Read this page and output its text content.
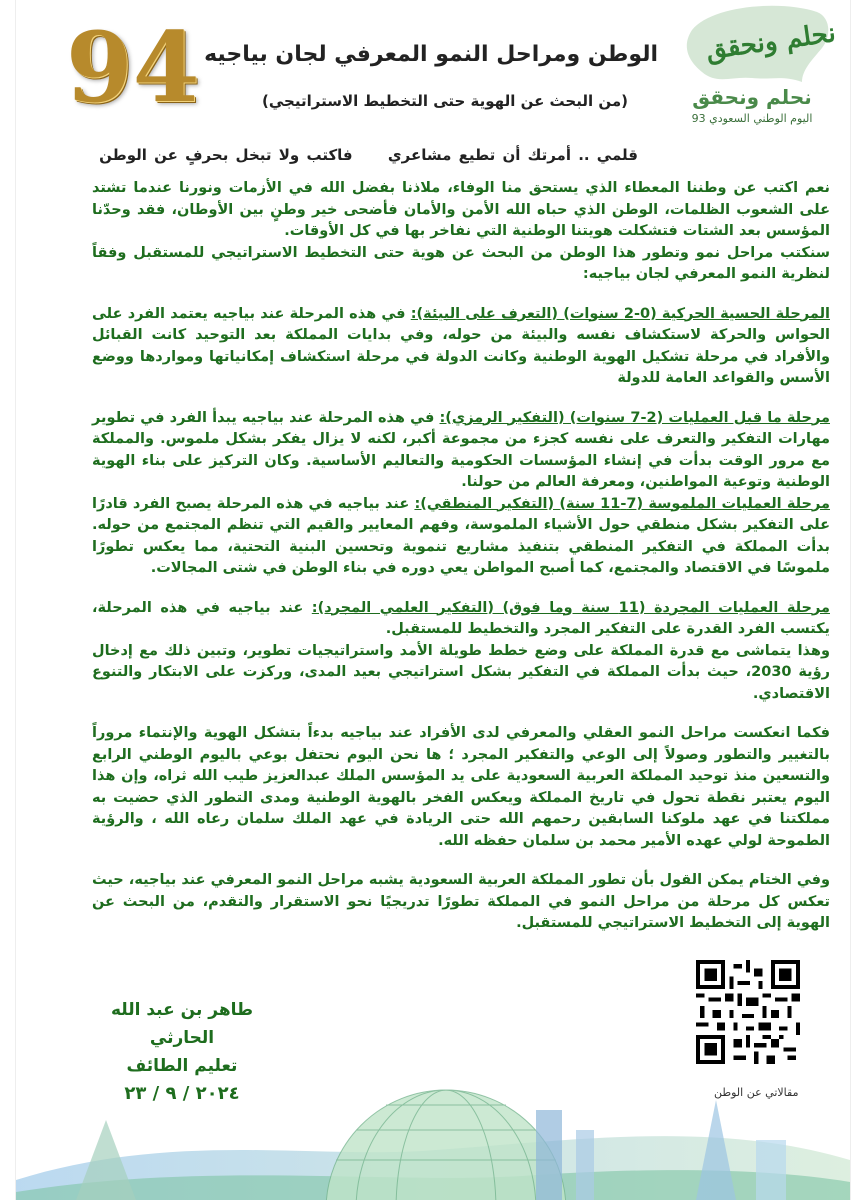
نحلم ونحقق
نحلم ونحقق
اليوم الوطني السعودي 93
94 الوطن ومراحل النمو المعرفي لجان بياجيه
(من البحث عن الهوية حتى التخطيط الاستراتيجي)
قلمي .. أمرتك أن تطيع مشاعري فاكتب ولا تبخل بحرفٍ عن الوطن

نعم اكتب عن وطننا المعطاء الذي يستحق منا الوفاء، ملاذنا بفضل الله في الأزمات ونورنا عندما تشتد على الشعوب الظلمات، الوطن الذي حباه الله الأمن والأمان فأضحى خير وطنٍ بين الأوطان، فقد وحدّنا المؤسس بعد الشتات فتشكلت هويتنا الوطنية التي نفاخر بها في كل الأوقات.

سنكتب مراحل نمو وتطور هذا الوطن من البحث عن هوية حتى التخطيط الاستراتيجي للمستقبل وفقاً لنظرية النمو المعرفي لجان بياجيه:

المرحلة الحسية الحركية (0-2 سنوات) (التعرف على البيئة): في هذه المرحلة عند بياجيه يعتمد الفرد على الحواس والحركة لاستكشاف نفسه والبيئة من حوله، وفي بدايات المملكة بعد التوحيد كانت القبائل والأفراد في مرحلة تشكيل الهوية الوطنية وكانت الدولة في مرحلة استكشاف إمكانياتها ومواردها ووضع الأسس والقواعد العامة للدولة

مرحلة ما قبل العمليات (2-7 سنوات) (التفكير الرمزي): في هذه المرحلة عند بياجيه يبدأ الفرد في تطوير مهارات التفكير والتعرف على نفسه كجزء من مجموعة أكبر، لكنه لا يزال يفكر بشكل ملموس. والمملكة مع مرور الوقت بدأت في إنشاء المؤسسات الحكومية والتعاليم الأساسية. وكان التركيز على بناء الهوية الوطنية وتوعية المواطنين، ومعرفة العالم من حولنا.

مرحلة العمليات الملموسة (7-11 سنة) (التفكير المنطقي): عند بياجيه في هذه المرحلة يصبح الفرد قادرًا على التفكير بشكل منطقي حول الأشياء الملموسة، وفهم المعايير والقيم التي تنظم المجتمع من حوله. بدأت المملكة في التفكير المنطقي بتنفيذ مشاريع تنموية وتحسين البنية التحتية، مما يعكس تطورًا ملموسًا في الاقتصاد والمجتمع، كما أصبح المواطن يعي دوره في بناء الوطن في شتى المجالات.

مرحلة العمليات المجردة (11 سنة وما فوق) (التفكير العلمي المجرد): عند بياجيه في هذه المرحلة، يكتسب الفرد القدرة على التفكير المجرد والتخطيط للمستقبل.

وهذا يتماشى مع قدرة المملكة على وضع خطط طويلة الأمد واستراتيجيات تطوير، وتبين ذلك مع إدخال رؤية 2030، حيث بدأت المملكة في التفكير بشكل استراتيجي بعيد المدى، وركزت على الابتكار والتنوع الاقتصادي.

فكما انعكست مراحل النمو العقلي والمعرفي لدى الأفراد عند بياجيه بدءاً بتشكل الهوية والإنتماء مروراً بالتغيير والتطور وصولاً إلى الوعي والتفكير المجرد ؛ ها نحن اليوم نحتفل بوعي باليوم الوطني الرابع والتسعين منذ توحيد المملكة العربية السعودية على يد المؤسس الملك عبدالعزيز طيب الله ثراه، وإن هذا اليوم يعتبر نقطة تحول في تاريخ المملكة ويعكس الفخر بالهوية الوطنية ومدى التطور الذي حضيت به مملكتنا في عهد ملوكنا السابقين رحمهم الله حتى الريادة في عهد الملك سلمان رعاه الله ، والرؤية الطموحة لولي عهده الأمير محمد بن سلمان حفظه الله.

وفي الختام يمكن القول بأن تطور المملكة العربية السعودية يشبه مراحل النمو المعرفي عند بياجيه، حيث تعكس كل مرحلة من مراحل النمو في المملكة تطورًا تدريجيًا نحو الاستقرار والتقدم، من البحث عن الهوية إلى التخطيط الاستراتيجي للمستقبل.

طاهر بن عبد الله الحارثي
تعليم الطائف
٢٠٢٤ / ٩ / ٢٣	مقالاتي عن الوطن
